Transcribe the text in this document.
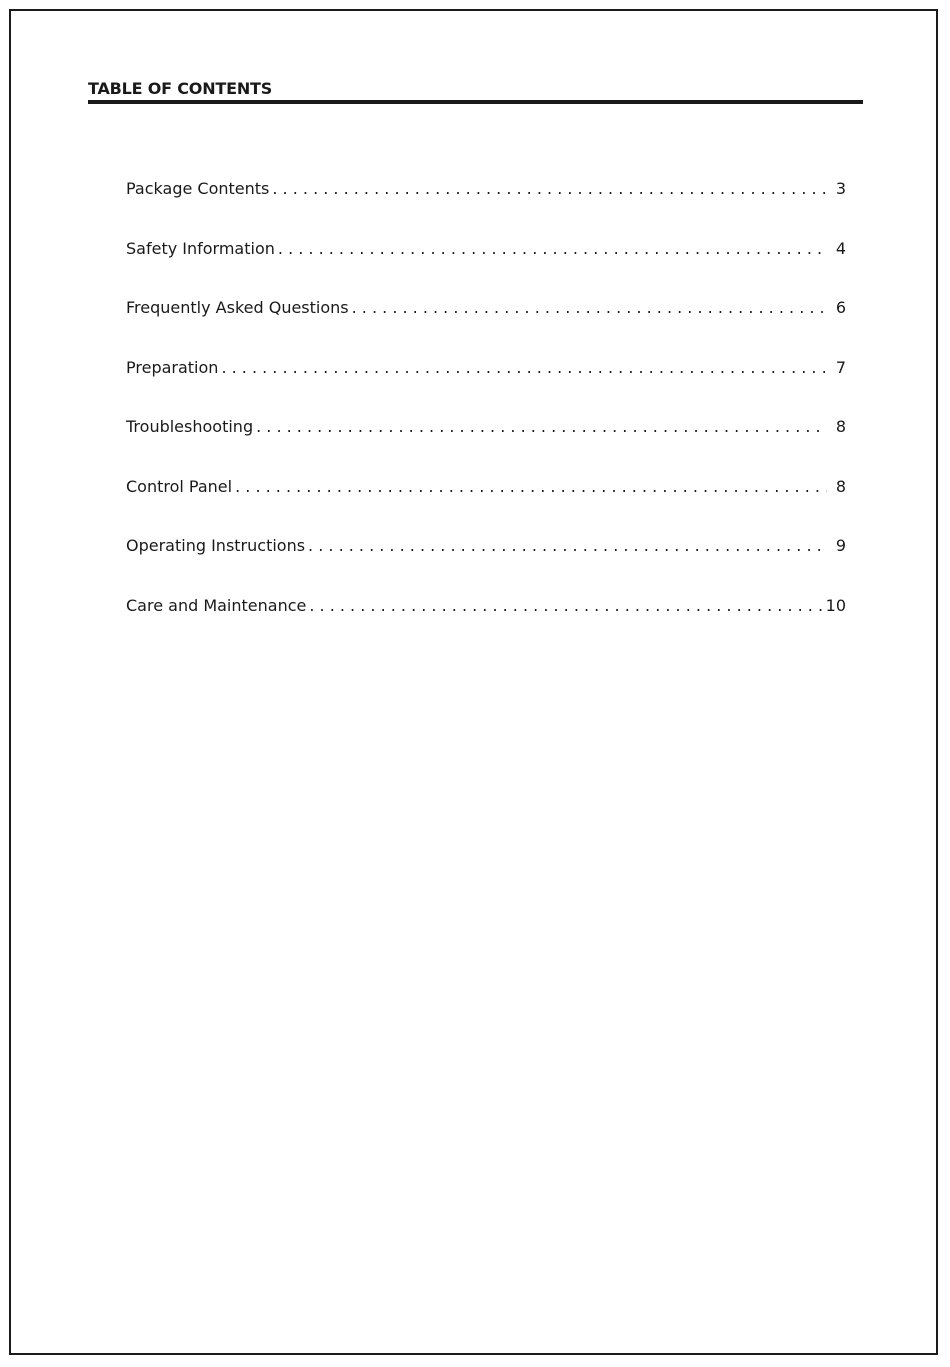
TABLE OF CONTENTS
Package Contents . . .	3
Safety Information . . .	4
Frequently Asked Questions . . .	6
Preparation . . .	7
Troubleshooting . . .	8
Control Panel . . .	8
Operating Instructions . . .	9
Care and Maintenance . . .	10
